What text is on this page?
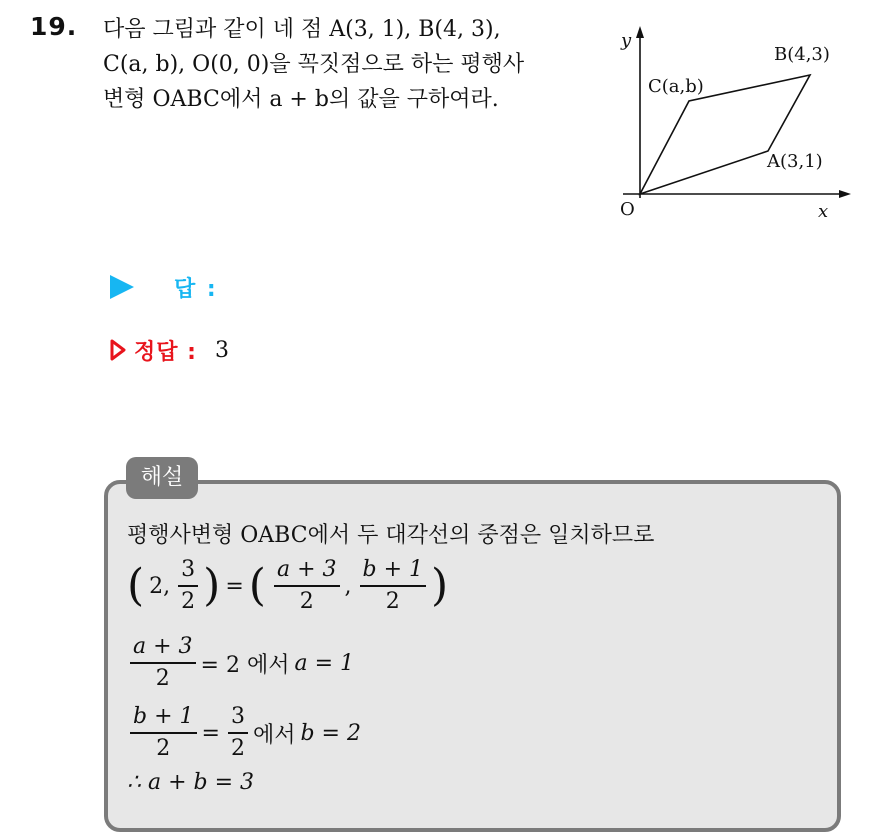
19. 다음 그림과 같이 네 점 A(3, 1), B(4, 3),
C(a, b), O(0, 0)을 꼭짓점으로 하는 평행사
변형 OABC에서 a + b의 값을 구하여라.
y
x
O
A(3,1)
B(4,3)
C(a,b)
답 :
정답 : 3
해설
평행사변형 OABC에서 두 대각선의 중점은 일치하므로
( 2, $\frac{3}{2}$ ) = ( $\frac{a + 3}{2}$ , $\frac{b + 1}{2}$ )
$\frac{a + 3}{2} = 2$ 에서 a = 1
$\frac{b + 1}{2} = \frac{3}{2}$ 에서 b = 2
∴ a + b = 3
